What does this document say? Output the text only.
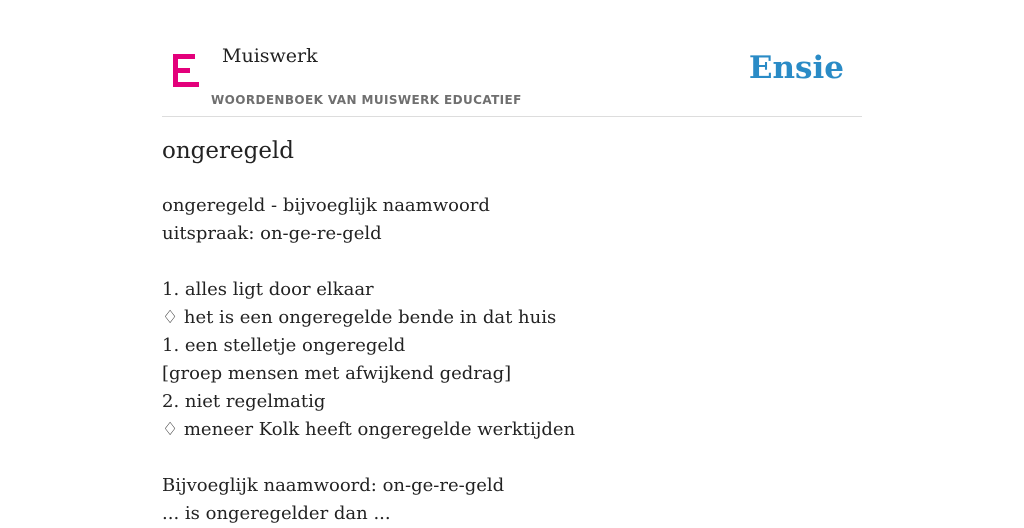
Muiswerk
WOORDENBOEK VAN MUISWERK EDUCATIEF
Ensie
ongeregeld
ongeregeld - bijvoeglijk naamwoord
uitspraak: on-ge-re-geld
1. alles ligt door elkaar
♢ het is een ongeregelde bende in dat huis
1. een stelletje ongeregeld
[groep mensen met afwijkend gedrag]
2. niet regelmatig
♢ meneer Kolk heeft ongeregelde werktijden
Bijvoeglijk naamwoord: on-ge-re-geld
... is ongeregelder dan ...
